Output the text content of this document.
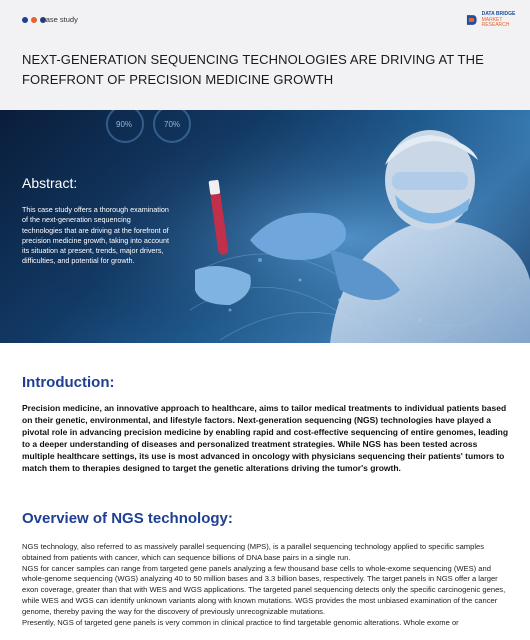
case study
DATA BRIDGE
MARKET RESEARCH
NEXT-GENERATION SEQUENCING TECHNOLOGIES ARE DRIVING AT THE FOREFRONT OF PRECISION MEDICINE GROWTH
90%	70%
Abstract:
This case study offers a thorough examination of the next-generation sequencing technologies that are driving at the forefront of precision medicine growth, taking into account its situation at present, trends, major drivers, difficulties, and potential for growth.
Introduction:
Precision medicine, an innovative approach to healthcare, aims to tailor medical treatments to individual patients based on their genetic, environmental, and lifestyle factors. Next-generation sequencing (NGS) technologies have played a pivotal role in advancing precision medicine by enabling rapid and cost-effective sequencing of entire genomes, leading to a deeper understanding of diseases and personalized treatment strategies. While NGS has been tested across multiple healthcare settings, its use is most advanced in oncology with physicians sequencing their patients' tumors to match them to therapies designed to target the genetic alterations driving the tumor's growth.
Overview of NGS technology:

NGS technology, also referred to as massively parallel sequencing (MPS), is a parallel sequencing technology applied to specific samples obtained from patients with cancer, which can sequence billions of DNA base pairs in a single run.

NGS for cancer samples can range from targeted gene panels analyzing a few thousand base cells to whole-exome sequencing (WES) and whole-genome sequencing (WGS) analyzing 40 to 50 million bases and 3.3 billion bases, respectively. The target panels in NGS offer a larger exon coverage, greater than that with WES and WGS applications. The targeted panel sequencing detects only the specific carcinogenic genes, while WES and WGS can identify unknown variants along with known mutations. WGS provides the most unbiased examination of the cancer genome, thereby paving the way for the discovery of previously unrecognizable mutations.

Presently, NGS of targeted gene panels is very common in clinical practice to find targetable genomic alterations. Whole exome or
